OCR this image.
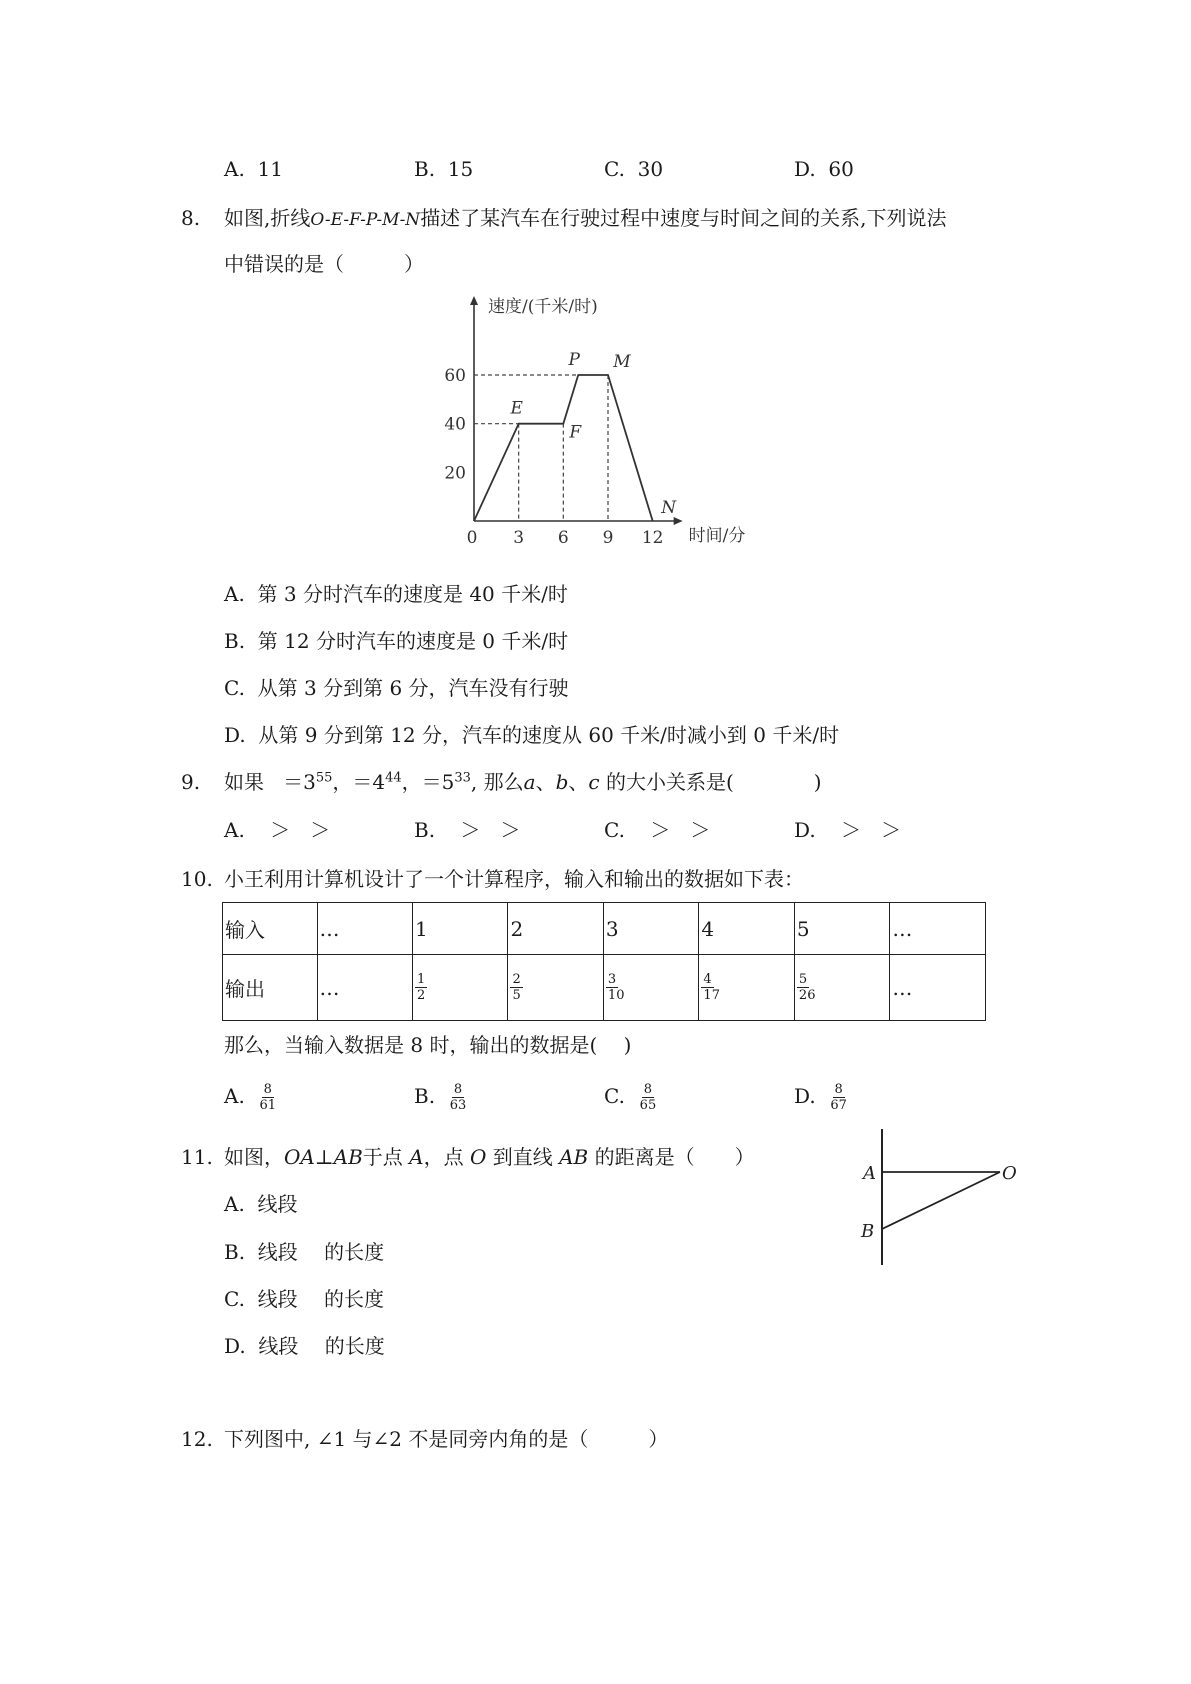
A. 11	B. 15	C. 30	D. 60
8. 如图,折线O-E-F-P-M-N描述了某汽车在行驶过程中速度与时间之间的关系,下列说法
中错误的是（　　　）
速度/(千米/时)
时间/分
20
40
60
0 3 6 9 12
E
F
P M
N
A. 第 3 分时汽车的速度是 40 千米/时
B. 第 12 分时汽车的速度是 0 千米/时
C. 从第 3 分到第 6 分，汽车没有行驶
D. 从第 9 分到第 12 分，汽车的速度从 60 千米/时减小到 0 千米/时
9. 如果 $=3^{55}$，$=4^{44}$，$=5^{33}$, 那么a、b、c 的大小关系是(　　　　)
A. ＞　＞	B. ＞　＞	C. ＞　＞	D. ＞　＞
10. 小王利用计算机设计了一个计算程序，输入和输出的数据如下表：
输入	…	1	2	3	4	5	…
输出	…	$\frac{1}{2}$	$\frac{2}{5}$	$\frac{3}{10}$	$\frac{4}{17}$	$\frac{5}{26}$	…
那么，当输入数据是 8 时，输出的数据是(　 )
A. $\frac{8}{61}$	B. $\frac{8}{63}$	C. $\frac{8}{65}$	D. $\frac{8}{67}$
11. 如图，OA⊥AB于点 A，点 O 到直线 AB 的距离是（　　）
A. 线段
B. 线段　 的长度
C. 线段　 的长度
D. 线段　 的长度
A
B
O
12. 下列图中, ∠1 与∠2 不是同旁内角的是（　　　）
